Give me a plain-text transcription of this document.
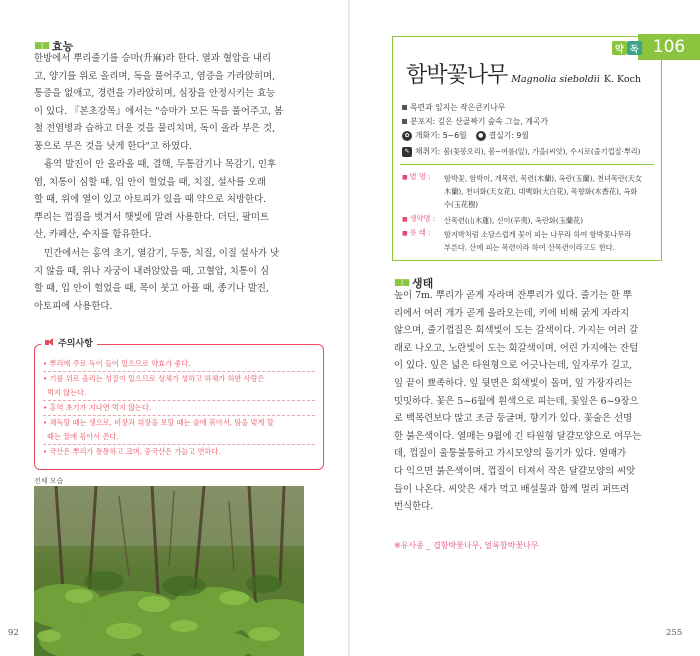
■■ 효능
한방에서 뿌리줄기를 승마(升麻)라 한다. 열과 혈압을 내리
고, 양기를 위로 올리며, 독을 풀어주고, 염증을 가라앉히며,
통증을 없애고, 경련을 가라앉히며, 심장을 안정시키는 효능
이 있다. 『본초강목』에서는 "승마가 모든 독을 풀어주고, 봄
철 전염병과 습하고 더운 것을 물리치며, 독이 올라 부은 것,
풍으로 부은 것을 낫게 한다"고 하였다.
흉역 발진이 안 올라올 때, 결핵, 두통감기나 목감기, 인후
염, 치통이 심할 때, 입 안이 헐었을 때, 치질, 설사를 오래
할 때, 위에 열이 있고 아토피가 있을 때 약으로 처방한다.
뿌리는 껍질을 벗겨서 햇빛에 말려 사용한다. 더딘, 팔미트
산, 카페산, 수지를 함유한다.
민간에서는 홍역 초기, 열감기, 두통, 치질, 이질 설사가 낫
지 않을 때, 위나 자궁이 내려앉았을 때, 고혈압, 치통이 심
할 때, 입 안이 헐었을 때, 목이 붓고 아플 때, 종기나 발진,
아토피에 사용한다.
주의사항
• 뿌리에 주로 독이 들어 있으므로 약효가 좋다.
• 기를 위로 올리는 성질이 있으므로 상체가 성하고 하체가 허한 사람은
먹지 않는다.
• 홍역 초기가 지나면 먹지 않는다.
• 채독할 때는 생으로, 비장과 위장을 보할 때는 술에 볶아서, 땀을 멎게 할
때는 꿀에 볶아서 쓴다.
• 국산은 뿌리가 통통하고 크며, 중국산은 가늘고 연하다.
전체 모습
92
106
약 독
함박꽃나무 Magnolia sieboldii K. Koch
목련과 잎지는 작은큰키나무
분포지: 깊은 산골짜기 숲속 그늘, 계곡가
✿ 개화기: 5~6월	● 결실기: 9월
✎ 채취기: 봄(꽃봉오리), 봄~여름(잎), 가을(씨앗), 수시로(줄기껍질·뿌리)
■ 별 명 :	함박꽃, 함박이, 개목련, 목련(木蘭), 옥란(玉蘭), 천녀목란(天女
木蘭), 천녀화(天女花), 대백화(大白花), 목향화(木香花), 옥화
수(玉花樹)
■ 생약명 :	산목련(山木蓮), 신이(辛夷), 옥란화(玉蘭花)
■ 유 래 :	함지박처럼 소담스럽게 꽃이 피는 나무라 하여 함박꽃나무라
부른다. 산에 피는 목련이라 하여 산목련이라고도 한다.
■■ 생태
높이 7m. 뿌리가 곧게 자라며 잔뿌리가 있다. 줄기는 한 뿌
리에서 여러 개가 곧게 올라오는데, 키에 비해 굵게 자라지
않으며, 줄기껍질은 회색빛이 도는 갈색이다. 가지는 여러 갈
래로 나오고, 노란빛이 도는 회갈색이며, 어린 가지에는 잔털
이 있다. 잎은 넓은 타원형으로 어긋나는데, 잎자루가 길고,
잎 끝이 뾰족하다. 잎 뒷면은 회색빛이 돌며, 잎 가장자리는
밋밋하다. 꽃은 5~6월에 흰색으로 피는데, 꽃잎은 6~9장으
로 백목련보다 많고 조금 둥글며, 향기가 있다. 꽃술은 선명
한 붉은색이다. 열매는 9월에 긴 타원형 달걀모양으로 여무는
데, 껍질이 울퉁불퉁하고 가시모양의 돌기가 있다. 열매가
다 익으면 붉은색이며, 껍질이 터져서 작은 달걀모양의 씨앗
들이 나온다. 씨앗은 새가 먹고 배설물과 함께 멀리 퍼뜨려
번식한다.
255
※유사종 _ 겹함박꽃나무, 얼룩함박꽃나무
